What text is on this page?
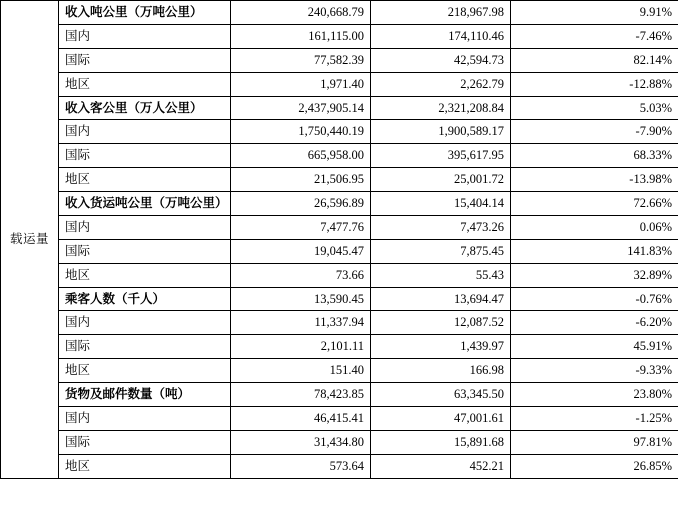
载运量	收入吨公里（万吨公里）	240,668.79	218,967.98	9.91%
	国内	161,115.00	174,110.46	-7.46%
	国际	77,582.39	42,594.73	82.14%
	地区	1,971.40	2,262.79	-12.88%
	收入客公里（万人公里）	2,437,905.14	2,321,208.84	5.03%
	国内	1,750,440.19	1,900,589.17	-7.90%
	国际	665,958.00	395,617.95	68.33%
	地区	21,506.95	25,001.72	-13.98%
	收入货运吨公里（万吨公里）	26,596.89	15,404.14	72.66%
	国内	7,477.76	7,473.26	0.06%
	国际	19,045.47	7,875.45	141.83%
	地区	73.66	55.43	32.89%
	乘客人数（千人）	13,590.45	13,694.47	-0.76%
	国内	11,337.94	12,087.52	-6.20%
	国际	2,101.11	1,439.97	45.91%
	地区	151.40	166.98	-9.33%
	货物及邮件数量（吨）	78,423.85	63,345.50	23.80%
	国内	46,415.41	47,001.61	-1.25%
	国际	31,434.80	15,891.68	97.81%
	地区	573.64	452.21	26.85%
